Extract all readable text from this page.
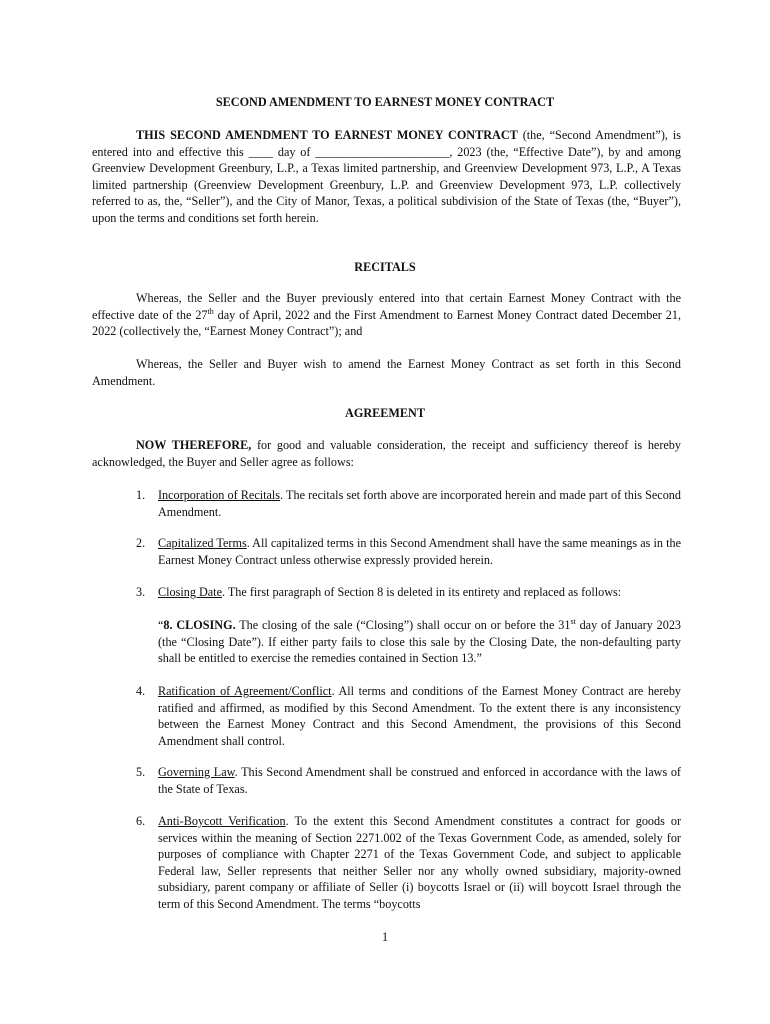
SECOND AMENDMENT TO EARNEST MONEY CONTRACT
THIS SECOND AMENDMENT TO EARNEST MONEY CONTRACT (the, “Second Amendment”), is entered into and effective this ____ day of ______________________, 2023 (the, “Effective Date”), by and among Greenview Development Greenbury, L.P., a Texas limited partnership, and Greenview Development 973, L.P., A Texas limited partnership (Greenview Development Greenbury, L.P. and Greenview Development 973, L.P. collectively referred to as, the, “Seller”), and the City of Manor, Texas, a political subdivision of the State of Texas (the, “Buyer”), upon the terms and conditions set forth herein.
RECITALS
Whereas, the Seller and the Buyer previously entered into that certain Earnest Money Contract with the effective date of the 27th day of April, 2022 and the First Amendment to Earnest Money Contract dated December 21, 2022 (collectively the, “Earnest Money Contract”); and
Whereas, the Seller and Buyer wish to amend the Earnest Money Contract as set forth in this Second Amendment.
AGREEMENT
NOW THEREFORE, for good and valuable consideration, the receipt and sufficiency thereof is hereby acknowledged, the Buyer and Seller agree as follows:
1.	Incorporation of Recitals. The recitals set forth above are incorporated herein and made part of this Second Amendment.
2.	Capitalized Terms. All capitalized terms in this Second Amendment shall have the same meanings as in the Earnest Money Contract unless otherwise expressly provided herein.
3.	Closing Date. The first paragraph of Section 8 is deleted in its entirety and replaced as follows:
“8. CLOSING. The closing of the sale (“Closing”) shall occur on or before the 31st day of January 2023 (the “Closing Date”). If either party fails to close this sale by the Closing Date, the non-defaulting party shall be entitled to exercise the remedies contained in Section 13.”
4.	Ratification of Agreement/Conflict. All terms and conditions of the Earnest Money Contract are hereby ratified and affirmed, as modified by this Second Amendment. To the extent there is any inconsistency between the Earnest Money Contract and this Second Amendment, the provisions of this Second Amendment shall control.
5.	Governing Law. This Second Amendment shall be construed and enforced in accordance with the laws of the State of Texas.
6.	Anti-Boycott Verification. To the extent this Second Amendment constitutes a contract for goods or services within the meaning of Section 2271.002 of the Texas Government Code, as amended, solely for purposes of compliance with Chapter 2271 of the Texas Government Code, and subject to applicable Federal law, Seller represents that neither Seller nor any wholly owned subsidiary, majority-owned subsidiary, parent company or affiliate of Seller (i) boycotts Israel or (ii) will boycott Israel through the term of this Second Amendment. The terms “boycotts
1
